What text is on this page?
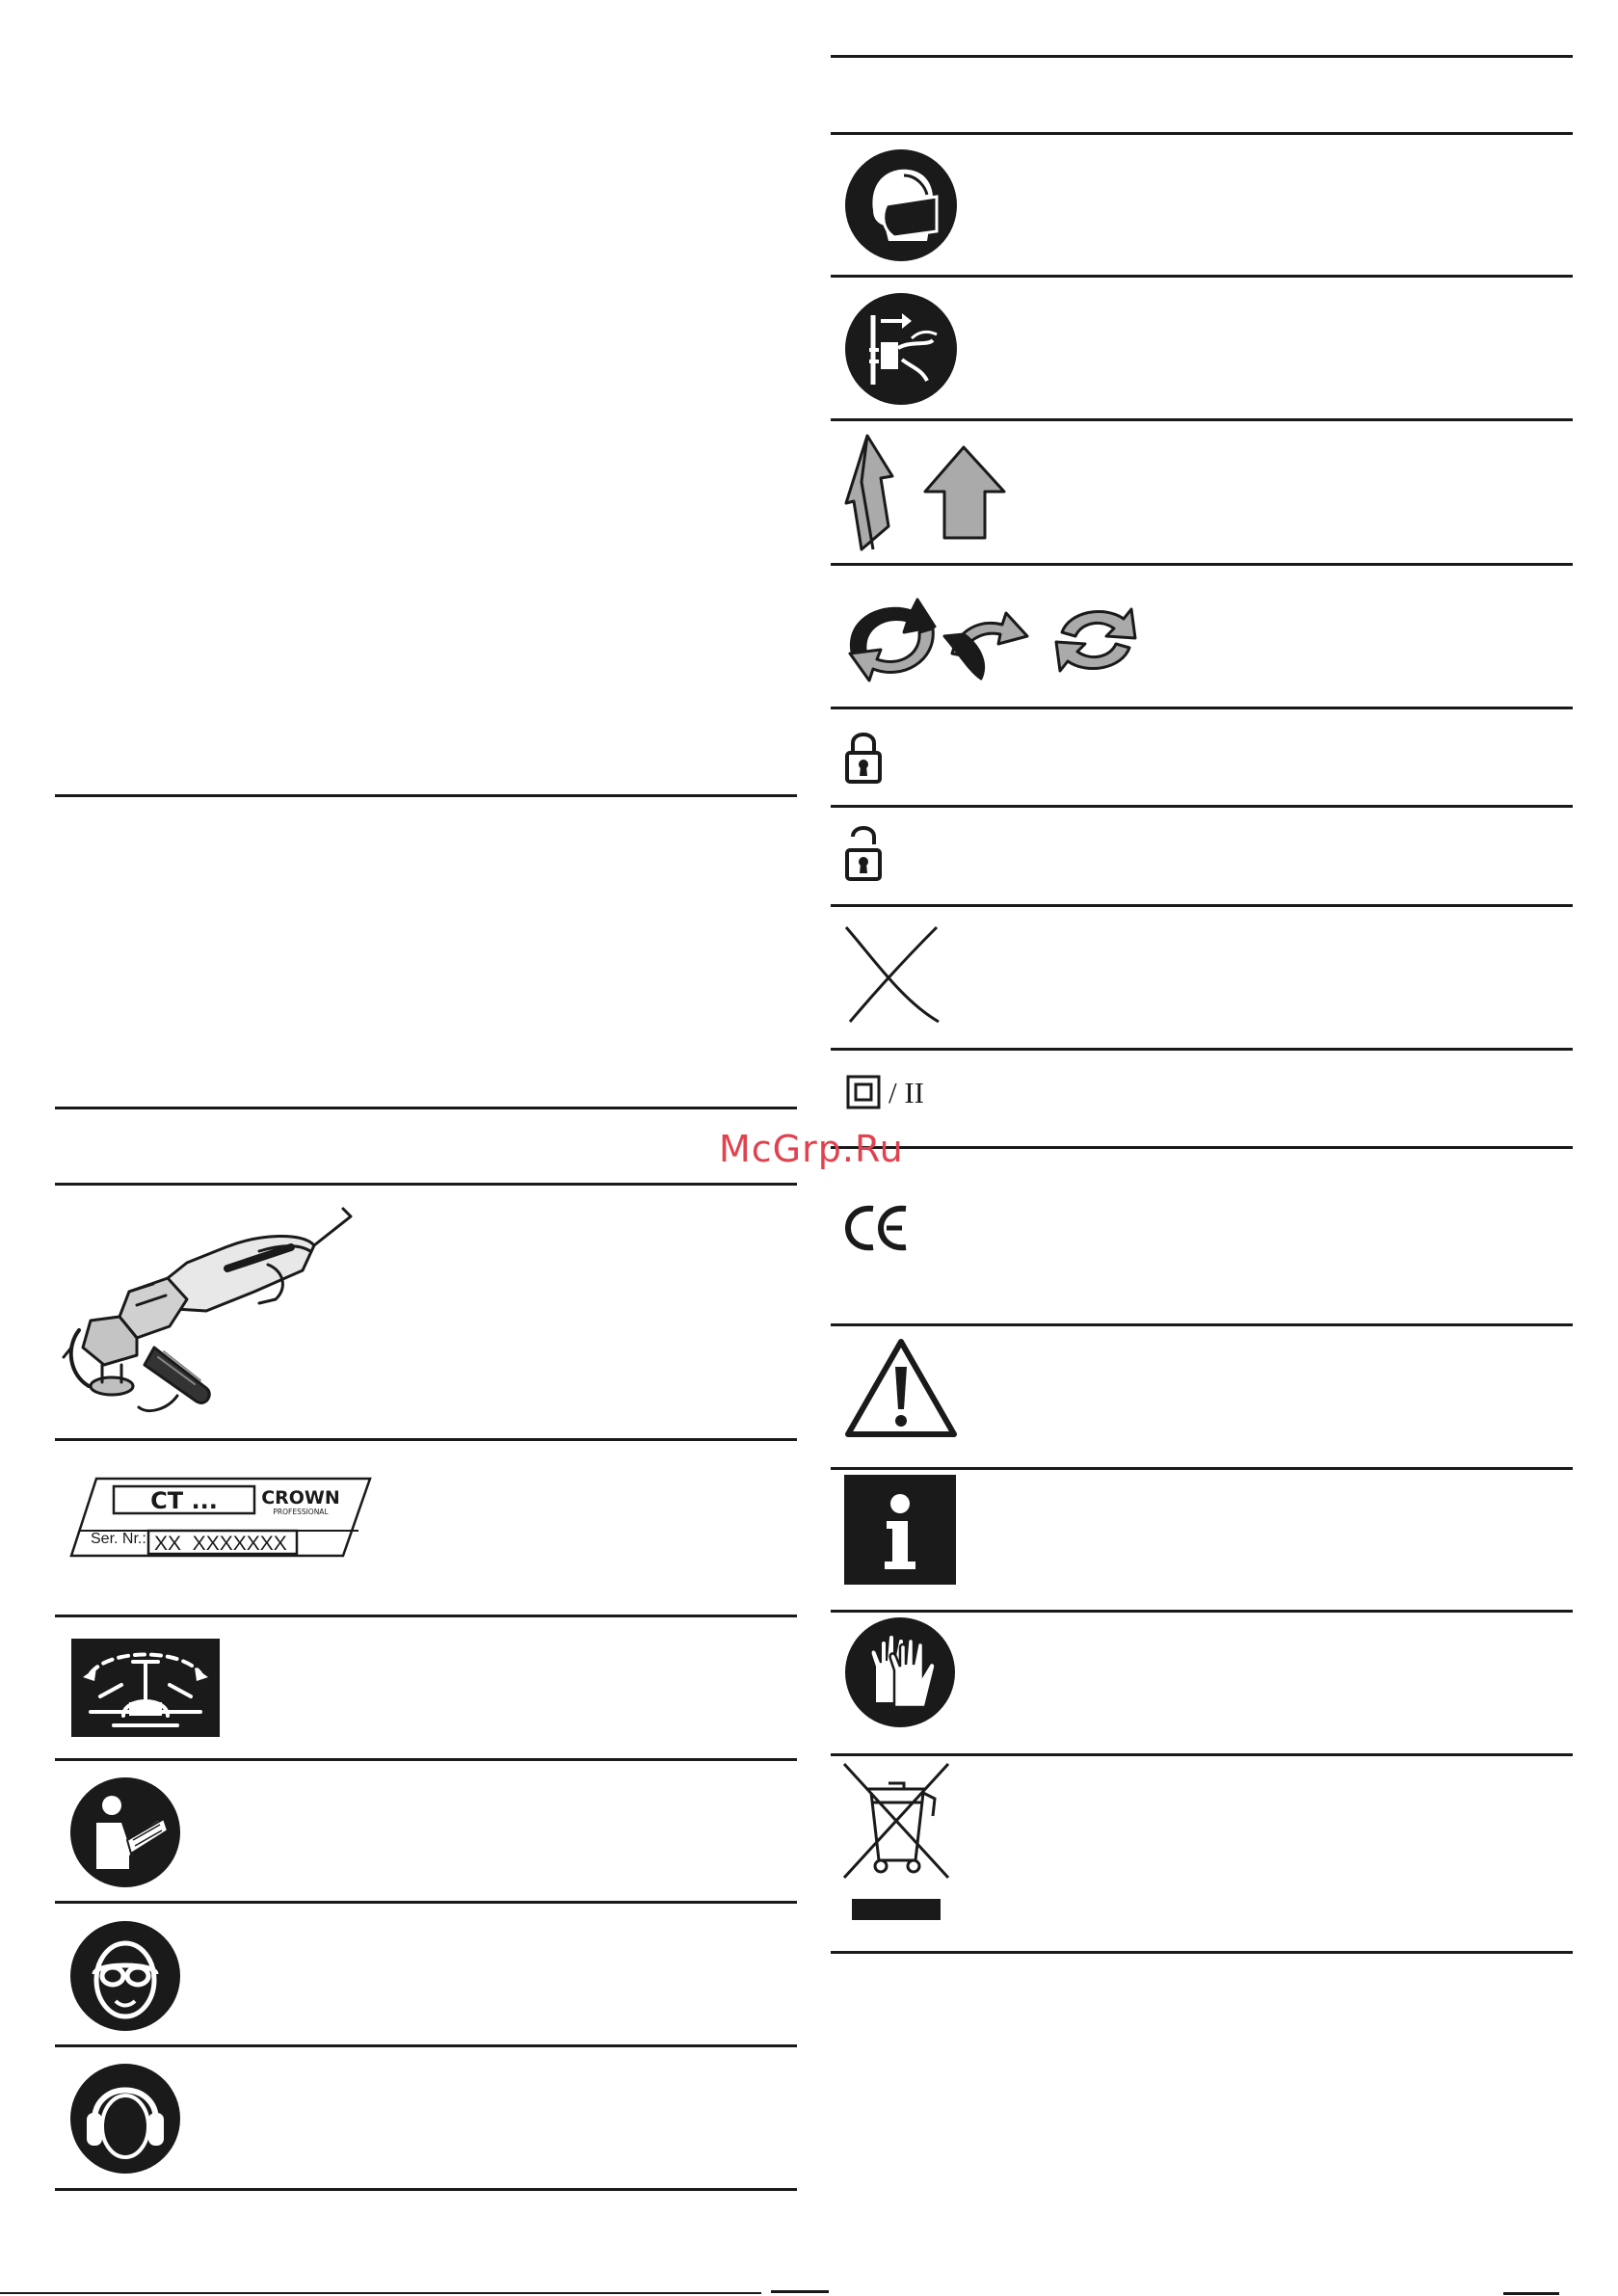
CT ... CROWN
PROFESSIONAL
Ser. Nr.: XX  XXXXXXX
/ II
McGrp.Ru
